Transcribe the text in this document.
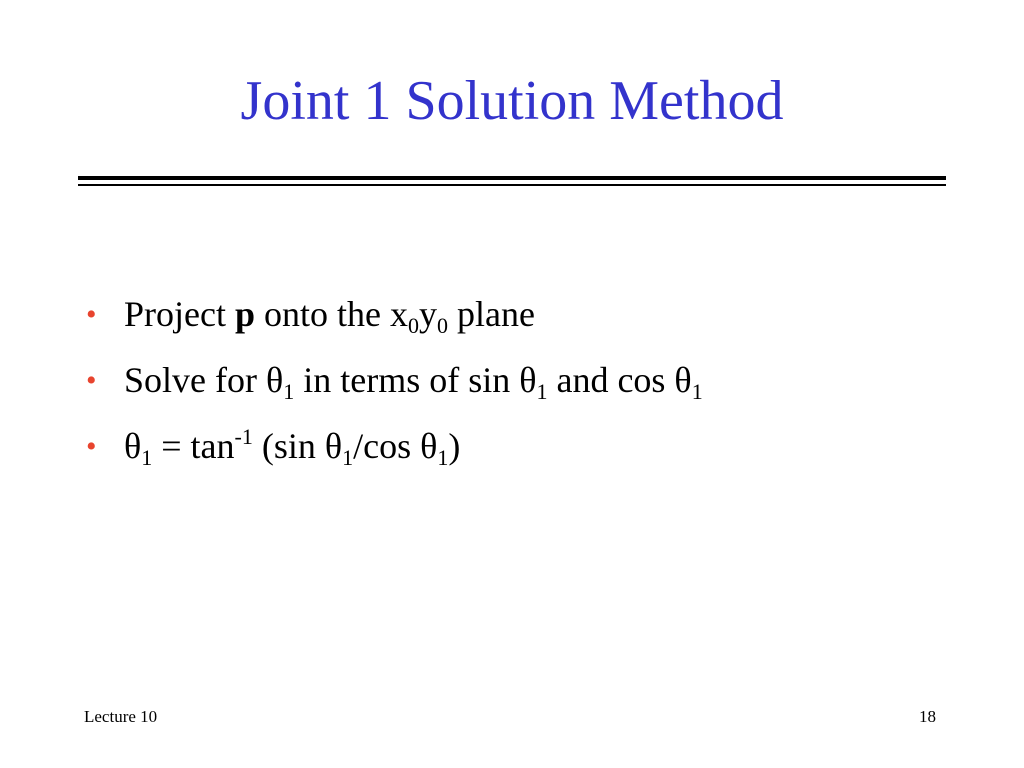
Joint 1 Solution Method
• Project p onto the $x_0y_0$ plane
• Solve for $\theta_1$ in terms of $\sin \theta_1$ and $\cos \theta_1$
• $\theta_1 = \tan^{-1} (\sin$ $\theta_1/\cos$ $\theta_1$)
Lecture 10	18
